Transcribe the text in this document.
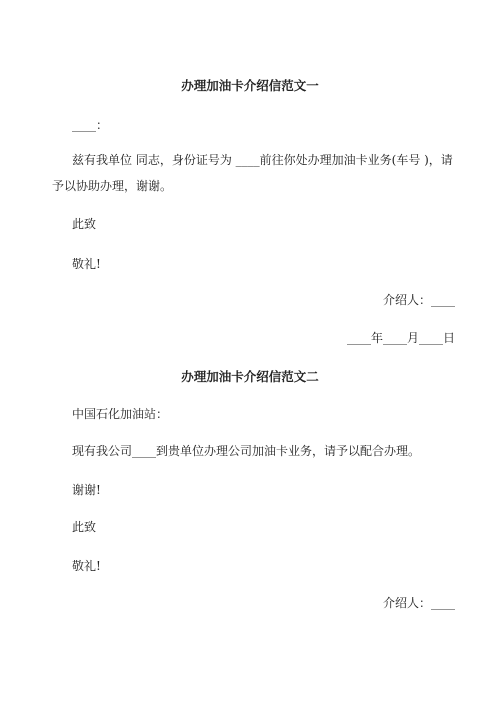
办理加油卡介绍信范文一
____：
兹有我单位 同志，身份证号为 ____前往你处办理加油卡业务(车号 )，请
予以协助办理，谢谢。
此致
敬礼!
介绍人：____
____年____月____日
办理加油卡介绍信范文二
中国石化加油站：
现有我公司____到贵单位办理公司加油卡业务，请予以配合办理。
谢谢!
此致
敬礼!
介绍人：____
